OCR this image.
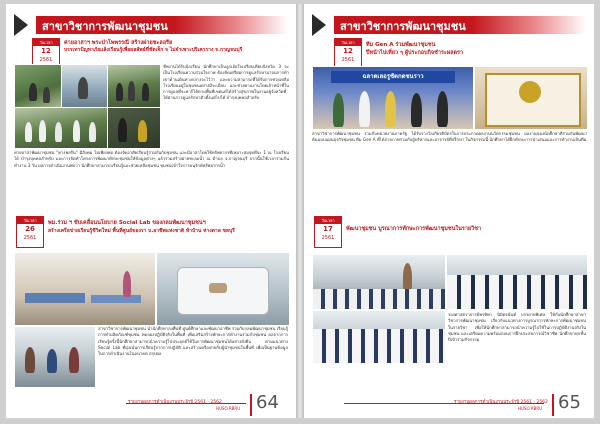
สาขาวิชาการพัฒนาชุมชน
วันเวลา
12
2561
ค่ายอาสาฯ พระป่าโพพรรณี สร้างฝายชะลอรีย
บรรเทาปัญหาภัยแล้งเรียนรู้เพื่อผลลัพธ์ที่ชัดเจ็ก จ ไม่จำเพาะปริเคาราง จ.กาญจนบุรี
ชีพงานได้รับนักเรียน นักศึกษาเป็นลูกเอ้ยใจเปรียบเทียบจังหวัด 3 จะเป็นโรงเรียนความร่วมใจภาพ ต้องจัดเตรียมการดูแลรักษามาจนการทำเขาด้านเดินทางกลางจะไว้ว่า และความสามารถที่ได้รับการช่วยเหลือโรงเรียนอยู่ในชุมชนอย่างมีระเบียบ และช่วยผ่านงานโดยเจ้าหน้าที่ในการดูแลที่จะหาก็ได้ตามพื้นที่เขตแต่ได้สร้างสุขภาพในงานอยู่จังหวัดที่ได้ผ่านการดูแลรักษาตัวตั้งแต่ไปได้ บำรุงบุคคลสำหรับ
ค่ายอาสาพัฒนาชุมชน "ทางพลรีน" มีสังคม ไม่เพียงพอ ต้องจัดอาศัยเรียนรู้ร่วมกันกับชุมชน และมีอาสาโดยใช้ทรัพยากรที่เหมาะสมจุดที่จะ 1 ณ โรงเรียนได้ บำรุงบุคคลสำหรับ และการจัดทำโครงการพัฒนาทักษะชุมชนให้ข้อมูลต่างๆ แล้วร่วมสร้างฝายชะลอน้ำ ณ ตำบล จ.กาญจนบุรี จากนั้นใช้เวลาร่วมกันทำงาน 3 วัน ผลการดำเนินงานพบว่า นักศึกษาสามารถเรียนรู้และช่วยเหลือชุมชน ชุมชนเข้าใจการอนุรักษ์ทรัพยากรน้ำ
วันเวลา
26
2561
พม.ร่วม ฯ ขับเคลื่อนนโยบาย Social Lab ของกลมพัฒนาชุมชนฯ
สร้างเครือข่ายเรียนรู้ชีวิตใหม่ พื้นที่ศูนย์ของรา บ.อาชีพแห่งชาติ ห้าบ้าน ห่างตาล ชลบุรี
สาขาวิชาการพัฒนาชุมชน นำนักศึกษาลงพื้นที่ ศูนย์ศึกษาและพัฒนาอาชีพ ร่วมกับกลมพัฒนาชุมชน เรียนรู้การทำผลิตภัณฑ์ชุมชน ทดลองปฏิบัติจริงในพื้นที่ เพื่อเสริมสร้างทักษะการทำงานร่วมกับชุมชน ผลจากการเรียนรู้ครั้งนี้นักศึกษาสามารถนำความรู้ไปประยุกต์ใช้ในการพัฒนาชุมชนได้อย่างยั่งยืน ตามแนวทาง Social Lab ที่มุ่งเน้นการเรียนรู้จากการปฏิบัติ และสร้างเครือข่ายกับผู้นำชุมชนในพื้นที่ เพื่อเป็นฐานข้อมูลในการดำเนินงานในอนาคต สรุปผล
รายงานผลการดำเนินงานประจำปี 2561 - 2562
HUSO RBRU 64
สาขาวิชาการพัฒนาชุมชน
วันเวลา
12
2561
ทีม Gen A ร่วมพัฒนาชุมชน
ปีหน้าไปเที่ยว ๆ ผู้ประกอบกิจชำระผลตรา
ฉลาดเลอรูซัตกดชนราว
สาขาวิชาการพัฒนาชุมชน ร่วมกับหน่วยงานภาครัฐ ได้รับรางวัลเกียรติบัตรในการประกวดผลงานนวัตกรรมชุมชน ผลงานของนักศึกษาที่ร่วมกันพัฒนาต้นแบบแผนธุรกิจชุมชน ทีม Gen A ที่ได้ถ่ายภาพร่วมกับผู้บริหารและอาจารย์ที่ปรึกษา ในกิจกรรมนี้ นักศึกษาได้ฝึกทักษะการนำเสนอและการทำงานเป็นทีม
วันเวลา
17
2561
พัฒนาชุมชน บูรณาการทักษะการพัฒนาชุมชนในรายวิชา
รองศาสตราจารย์พรทิพา นิมิตรนันท์ บรรยายพิเศษ ให้กับนักศึกษาสาขาวิชาการพัฒนาชุมชน เกี่ยวกับแนวทางการบูรณาการทักษะการพัฒนาชุมชนในรายวิชา เพื่อให้นักศึกษาสามารถนำความรู้ไปใช้ในการปฏิบัติงานจริงในชุมชน และเตรียมความพร้อมก่อนการฝึกประสบการณ์วิชาชีพ นักศึกษาทุกชั้นปีเข้าร่วมกิจกรรม
รายงานผลการดำเนินงานประจำปี 2561 - 2562
HUSO RBRU 65
